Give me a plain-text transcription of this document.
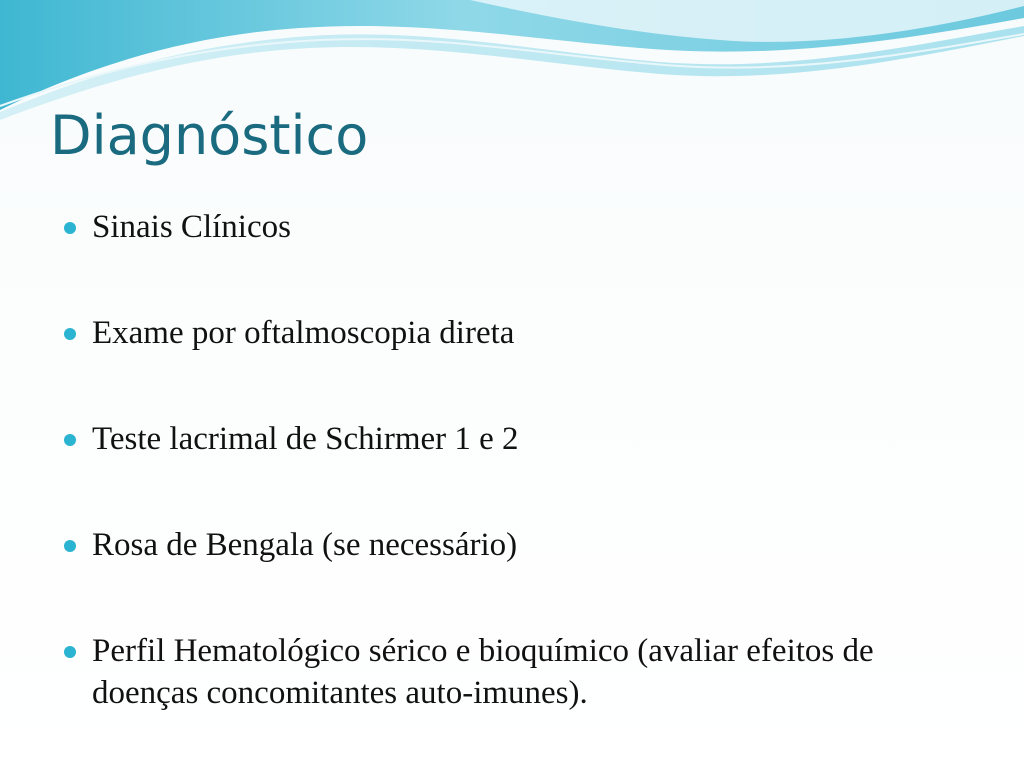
Diagnóstico
Sinais Clínicos
Exame por oftalmoscopia direta
Teste lacrimal de Schirmer 1 e 2
Rosa de Bengala (se necessário)
Perfil Hematológico sérico e bioquímico (avaliar efeitos de doenças concomitantes auto-imunes).
